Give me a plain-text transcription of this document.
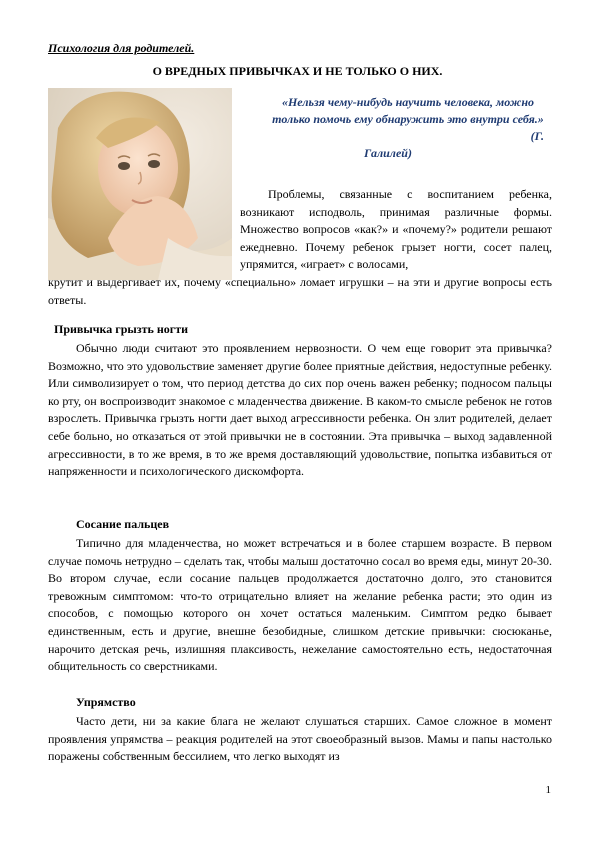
Психология для родителей.
О ВРЕДНЫХ ПРИВЫЧКАХ И НЕ ТОЛЬКО О НИХ.
«Нельзя чему-нибудь научить человека, можно только помочь ему обнаружить это внутри себя.»
(Г.
Галилей)
Проблемы, связанные с воспитанием ребенка, возникают исподволь, принимая различные формы. Множество вопросов «как?» и «почему?» родители решают ежедневно. Почему ребенок грызет ногти, сосет палец, упрямится, «играет» с волосами,
крутит и выдергивает их, почему «специально» ломает игрушки – на эти и другие вопросы есть ответы.
Привычка грызть ногти
Обычно люди считают это проявлением нервозности. О чем еще говорит эта привычка? Возможно, что это удовольствие заменяет другие более приятные действия, недоступные ребенку. Или символизирует о том, что период детства до сих пор очень важен ребенку; подносом пальцы ко рту, он воспроизводит знакомое с младенчества движение. В каком-то смысле ребенок не готов взрослеть. Привычка грызть ногти дает выход агрессивности ребенка. Он злит родителей, делает себе больно, но отказаться от этой привычки не в состоянии. Эта привычка – выход задавленной агрессивности, в то же время, в то же время доставляющий удовольствие, попытка избавиться от напряженности и психологического дискомфорта.
Сосание пальцев
Типично для младенчества, но может встречаться и в более старшем возрасте. В первом случае помочь нетрудно – сделать так, чтобы малыш достаточно сосал во время еды, минут 20-30. Во втором случае, если сосание пальцев продолжается достаточно долго, это становится тревожным симптомом: что-то отрицательно влияет на желание ребенка расти; это один из способов, с помощью которого он хочет остаться маленьким. Симптом редко бывает единственным, есть и другие, внешне безобидные, слишком детские привычки: сюсюканье, нарочито детская речь, излишняя плаксивость, нежелание самостоятельно есть, недостаточная общительность со сверстниками.
Упрямство
Часто дети, ни за какие блага не желают слушаться старших. Самое сложное в момент проявления упрямства – реакция родителей на этот своеобразный вызов. Мамы и папы настолько поражены собственным бессилием, что легко выходят из
1
